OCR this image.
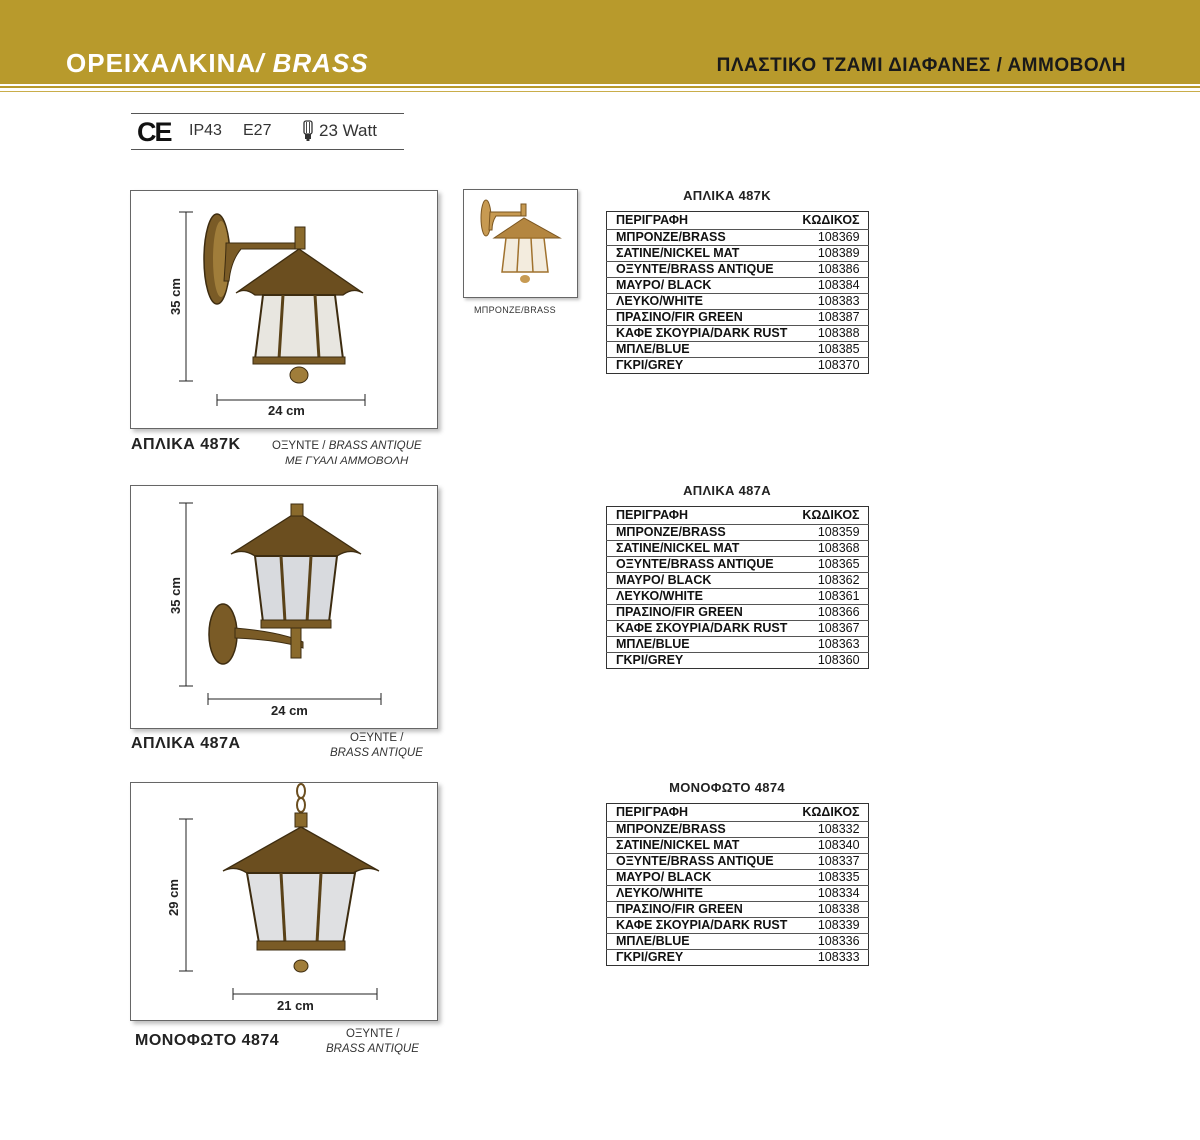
ΟΡΕΙΧΑΛΚΙΝΑ/ BRASS	ΠΛΑΣΤΙΚΟ ΤΖΑΜΙ ΔΙΑΦΑΝΕΣ / ΑΜΜΟΒΟΛΗ
CE IP43 E27	23 Watt
35 cm
24 cm
ΜΠΡΟΝΖΕ/BRASS
ΑΠΛΙΚΑ 487Κ	ΟΞΥΝΤΕ / BRASS ANTIQUE
ΜΕ ΓΥΑΛΙ ΑΜΜΟΒΟΛΗ
ΑΠΛΙΚΑ 487Κ
ΠΕΡΙΓΡΑΦΗ	ΚΩΔΙΚΟΣ
ΜΠΡΟΝΖΕ/BRASS	108369
ΣΑΤΙΝΕ/NICKEL MAT	108389
ΟΞΥΝΤΕ/BRASS ANTIQUE	108386
ΜΑΥΡΟ/ BLACK	108384
ΛΕΥΚΟ/WHITE	108383
ΠΡΑΣΙΝΟ/FIR GREEN	108387
ΚΑΦΕ ΣΚΟΥΡΙΑ/DARK RUST	108388
ΜΠΛΕ/BLUE	108385
ΓΚΡΙ/GREY	108370
35 cm
24 cm
ΑΠΛΙΚΑ 487Α	ΟΞΥΝΤΕ /
BRASS ANTIQUE
ΑΠΛΙΚΑ 487Α
ΠΕΡΙΓΡΑΦΗ	ΚΩΔΙΚΟΣ
ΜΠΡΟΝΖΕ/BRASS	108359
ΣΑΤΙΝΕ/NICKEL MAT	108368
ΟΞΥΝΤΕ/BRASS ANTIQUE	108365
ΜΑΥΡΟ/ BLACK	108362
ΛΕΥΚΟ/WHITE	108361
ΠΡΑΣΙΝΟ/FIR GREEN	108366
ΚΑΦΕ ΣΚΟΥΡΙΑ/DARK RUST	108367
ΜΠΛΕ/BLUE	108363
ΓΚΡΙ/GREY	108360
29 cm
21 cm
ΜΟΝΟΦΩΤΟ 4874	ΟΞΥΝΤΕ /
BRASS ANTIQUE
ΜΟΝΟΦΩΤΟ 4874
ΠΕΡΙΓΡΑΦΗ	ΚΩΔΙΚΟΣ
ΜΠΡΟΝΖΕ/BRASS	108332
ΣΑΤΙΝΕ/NICKEL MAT	108340
ΟΞΥΝΤΕ/BRASS ANTIQUE	108337
ΜΑΥΡΟ/ BLACK	108335
ΛΕΥΚΟ/WHITE	108334
ΠΡΑΣΙΝΟ/FIR GREEN	108338
ΚΑΦΕ ΣΚΟΥΡΙΑ/DARK RUST	108339
ΜΠΛΕ/BLUE	108336
ΓΚΡΙ/GREY	108333
